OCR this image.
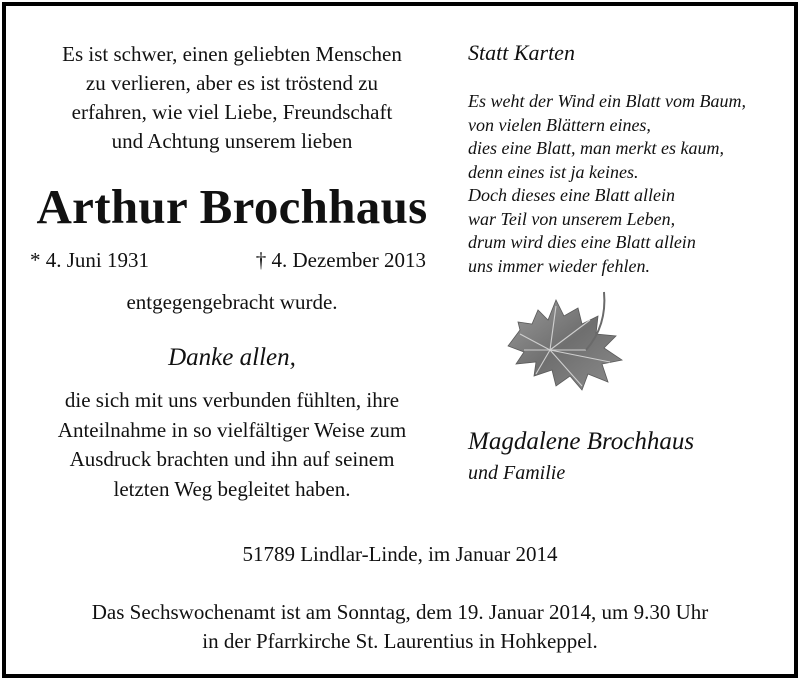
Es ist schwer, einen geliebten Menschen
zu verlieren, aber es ist tröstend zu
erfahren, wie viel Liebe, Freundschaft
und Achtung unserem lieben

Arthur Brochhaus
* 4. Juni 1931	† 4. Dezember 2013
entgegengebracht wurde.
Danke allen,

die sich mit uns verbunden fühlten, ihre
Anteilnahme in so vielfältiger Weise zum
Ausdruck brachten und ihn auf seinem
letzten Weg begleitet haben.

Statt Karten

Es weht der Wind ein Blatt vom Baum,
von vielen Blättern eines,
dies eine Blatt, man merkt es kaum,
denn eines ist ja keines.
Doch dieses eine Blatt allein
war Teil von unserem Leben,
drum wird dies eine Blatt allein
uns immer wieder fehlen.

Magdalene Brochhaus
und Familie
51789 Lindlar-Linde, im Januar 2014

Das Sechswochenamt ist am Sonntag, dem 19. Januar 2014, um 9.30 Uhr
in der Pfarrkirche St. Laurentius in Hohkeppel.
